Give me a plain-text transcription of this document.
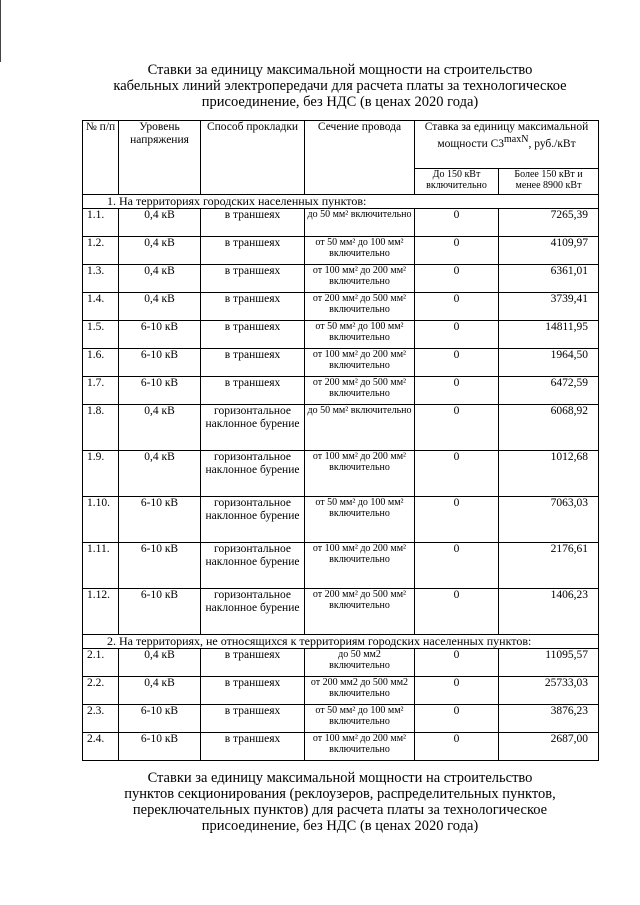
Ставки за единицу максимальной мощности на строительство
кабельных линий электропередачи для расчета платы за технологическое
присоединение, без НДС (в ценах 2020 года)
№ п/п	Уровень напряжения	Способ прокладки	Сечение провода	Ставка за единицу максимальной мощности $С3^{maxN}$, руб./кВт	
				До 150 кВт включительно	Более 150 кВт и менее 8900 кВт
1. На территориях городских населенных пунктов:					
1.1.	0,4 кВ	в траншеях	до 50 мм² включительно	0	7265,39
1.2.	0,4 кВ	в траншеях	от 50 мм² до 100 мм² включительно	0	4109,97
1.3.	0,4 кВ	в траншеях	от 100 мм² до 200 мм² включительно	0	6361,01
1.4.	0,4 кВ	в траншеях	от 200 мм² до 500 мм² включительно	0	3739,41
1.5.	6-10 кВ	в траншеях	от 50 мм² до 100 мм² включительно	0	14811,95
1.6.	6-10 кВ	в траншеях	от 100 мм² до 200 мм² включительно	0	1964,50
1.7.	6-10 кВ	в траншеях	от 200 мм² до 500 мм² включительно	0	6472,59
1.8.	0,4 кВ	горизонтальное наклонное бурение	до 50 мм² включительно	0	6068,92
1.9.	0,4 кВ	горизонтальное наклонное бурение	от 100 мм² до 200 мм² включительно	0	1012,68
1.10.	6-10 кВ	горизонтальное наклонное бурение	от 50 мм² до 100 мм² включительно	0	7063,03
1.11.	6-10 кВ	горизонтальное наклонное бурение	от 100 мм² до 200 мм² включительно	0	2176,61
1.12.	6-10 кВ	горизонтальное наклонное бурение	от 200 мм² до 500 мм² включительно	0	1406,23
2. На территориях, не относящихся к территориям городских населенных пунктов:					
2.1.	0,4 кВ	в траншеях	до 50 мм2 включительно	0	11095,57
2.2.	0,4 кВ	в траншеях	от 200 мм2 до 500 мм2 включительно	0	25733,03
2.3.	6-10 кВ	в траншеях	от 50 мм² до 100 мм² включительно	0	3876,23
2.4.	6-10 кВ	в траншеях	от 100 мм² до 200 мм² включительно	0	2687,00
Ставки за единицу максимальной мощности на строительство
пунктов секционирования (реклоузеров, распределительных пунктов,
переключательных пунктов) для расчета платы за технологическое
присоединение, без НДС (в ценах 2020 года)
